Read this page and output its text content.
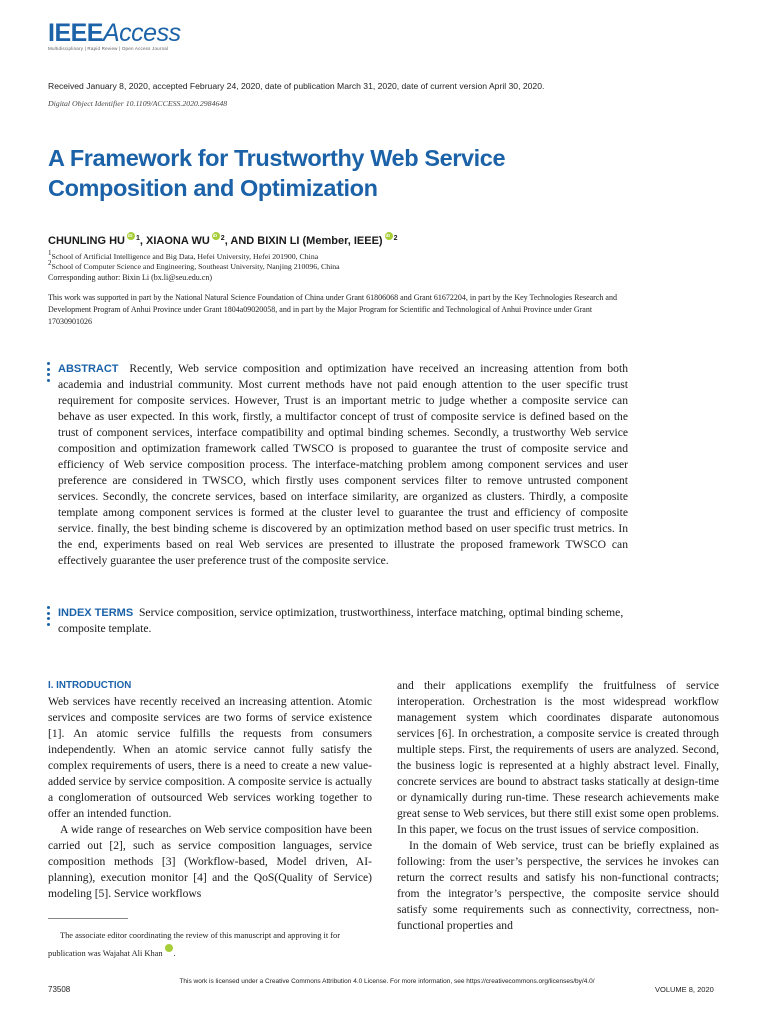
IEEEAccess
Multidisciplinary | Rapid Review | Open Access Journal
Received January 8, 2020, accepted February 24, 2020, date of publication March 31, 2020, date of current version April 30, 2020.
Digital Object Identifier 10.1109/ACCESS.2020.2984648
A Framework for Trustworthy Web Service Composition and Optimization
CHUNLING HU iD $^1$, XIAONA WU iD $^2$, AND BIXIN LI (Member, IEEE) iD $^2$
1School of Artificial Intelligence and Big Data, Hefei University, Hefei 201900, China
2School of Computer Science and Engineering, Southeast University, Nanjing 210096, China
Corresponding author: Bixin Li (bx.li@seu.edu.cn)
This work was supported in part by the National Natural Science Foundation of China under Grant 61806068 and Grant 61672204, in part by the Key Technologies Research and Development Program of Anhui Province under Grant 1804a09020058, and in part by the Major Program for Scientific and Technological of Anhui Province under Grant 17030901026
ABSTRACT Recently, Web service composition and optimization have received an increasing attention from both academia and industrial community. Most current methods have not paid enough attention to the user specific trust requirement for composite services. However, Trust is an important metric to judge whether a composite service can behave as user expected. In this work, firstly, a multifactor concept of trust of composite service is defined based on the trust of component services, interface compatibility and optimal binding schemes. Secondly, a trustworthy Web service composition and optimization framework called TWSCO is proposed to guarantee the trust of composite service and efficiency of Web service composition process. The interface-matching problem among component services and user preference are considered in TWSCO, which firstly uses component services filter to remove untrusted component services. Secondly, the concrete services, based on interface similarity, are organized as clusters. Thirdly, a composite template among component services is formed at the cluster level to guarantee the trust and efficiency of composite service. finally, the best binding scheme is discovered by an optimization method based on user specific trust metrics. In the end, experiments based on real Web services are presented to illustrate the proposed framework TWSCO can effectively guarantee the user preference trust of the composite service.
INDEX TERMS Service composition, service optimization, trustworthiness, interface matching, optimal binding scheme, composite template.
I. INTRODUCTION

Web services have recently received an increasing attention. Atomic services and composite services are two forms of service existence [1]. An atomic service fulfills the requests from consumers independently. When an atomic service cannot fully satisfy the complex requirements of users, there is a need to create a new value-added service by service composition. A composite service is actually a conglomeration of outsourced Web services working together to offer an intended function.

A wide range of researches on Web service composition have been carried out [2], such as service composition languages, service composition methods [3] (Workflow-based, Model driven, AI-planning), execution monitor [4] and the QoS(Quality of Service) modeling [5]. Service workflows

and their applications exemplify the fruitfulness of service interoperation. Orchestration is the most widespread workflow management system which coordinates disparate autonomous services [6]. In orchestration, a composite service is created through multiple steps. First, the requirements of users are analyzed. Second, the business logic is represented at a highly abstract level. Finally, concrete services are bound to abstract tasks statically at design-time or dynamically during run-time. These research achievements make great sense to Web services, but there still exist some open problems. In this paper, we focus on the trust issues of service composition.

In the domain of Web service, trust can be briefly explained as following: from the user’s perspective, the services he invokes can return the correct results and satisfy his non-functional contracts; from the integrator’s perspective, the composite service should satisfy some requirements such as connectivity, correctness, non-functional properties and

The associate editor coordinating the review of this manuscript and approving it for publication was Wajahat Ali KhaniD .

73508
This work is licensed under a Creative Commons Attribution 4.0 License. For more information, see https://creativecommons.org/licenses/by/4.0/
VOLUME 8, 2020
